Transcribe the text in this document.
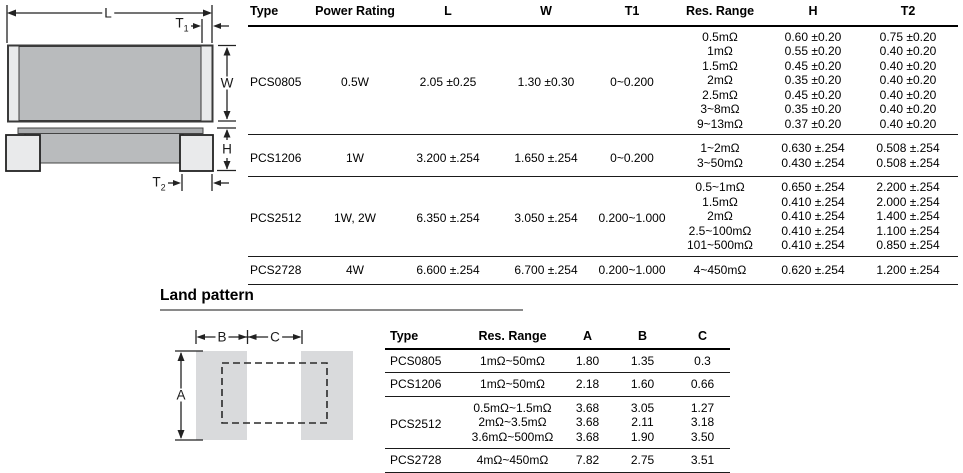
L
$T_1$
W
H
$T_2$
Type	Power Rating	L	W	T1	Res. Range	H	T2
PCS0805	0.5W	2.05 ±0.25	1.30 ±0.30	0~0.200	0.5mΩ	0.60 ±0.20	0.75 ±0.20
					1mΩ	0.55 ±0.20	0.40 ±0.20
					1.5mΩ	0.45 ±0.20	0.40 ±0.20
					2mΩ	0.35 ±0.20	0.40 ±0.20
					2.5mΩ	0.45 ±0.20	0.40 ±0.20
					3~8mΩ	0.35 ±0.20	0.40 ±0.20
					9~13mΩ	0.37 ±0.20	0.40 ±0.20
PCS1206	1W	3.200 ±.254	1.650 ±.254	0~0.200	1~2mΩ	0.630 ±.254	0.508 ±.254
					3~50mΩ	0.430 ±.254	0.508 ±.254
PCS2512	1W, 2W	6.350 ±.254	3.050 ±.254	0.200~1.000	0.5~1mΩ	0.650 ±.254	2.200 ±.254
					1.5mΩ	0.410 ±.254	2.000 ±.254
					2mΩ	0.410 ±.254	1.400 ±.254
					2.5~100mΩ	0.410 ±.254	1.100 ±.254
					101~500mΩ	0.410 ±.254	0.850 ±.254
PCS2728	4W	6.600 ±.254	6.700 ±.254	0.200~1.000	4~450mΩ	0.620 ±.254	1.200 ±.254
Land pattern
B	C
A
Type	Res. Range	A	B	C
PCS0805	1mΩ~50mΩ	1.80	1.35	0.3
PCS1206	1mΩ~50mΩ	2.18	1.60	0.66
PCS2512	0.5mΩ~1.5mΩ	3.68	3.05	1.27
	2mΩ~3.5mΩ	3.68	2.11	3.18
	3.6mΩ~500mΩ	3.68	1.90	3.50
PCS2728	4mΩ~450mΩ	7.82	2.75	3.51
